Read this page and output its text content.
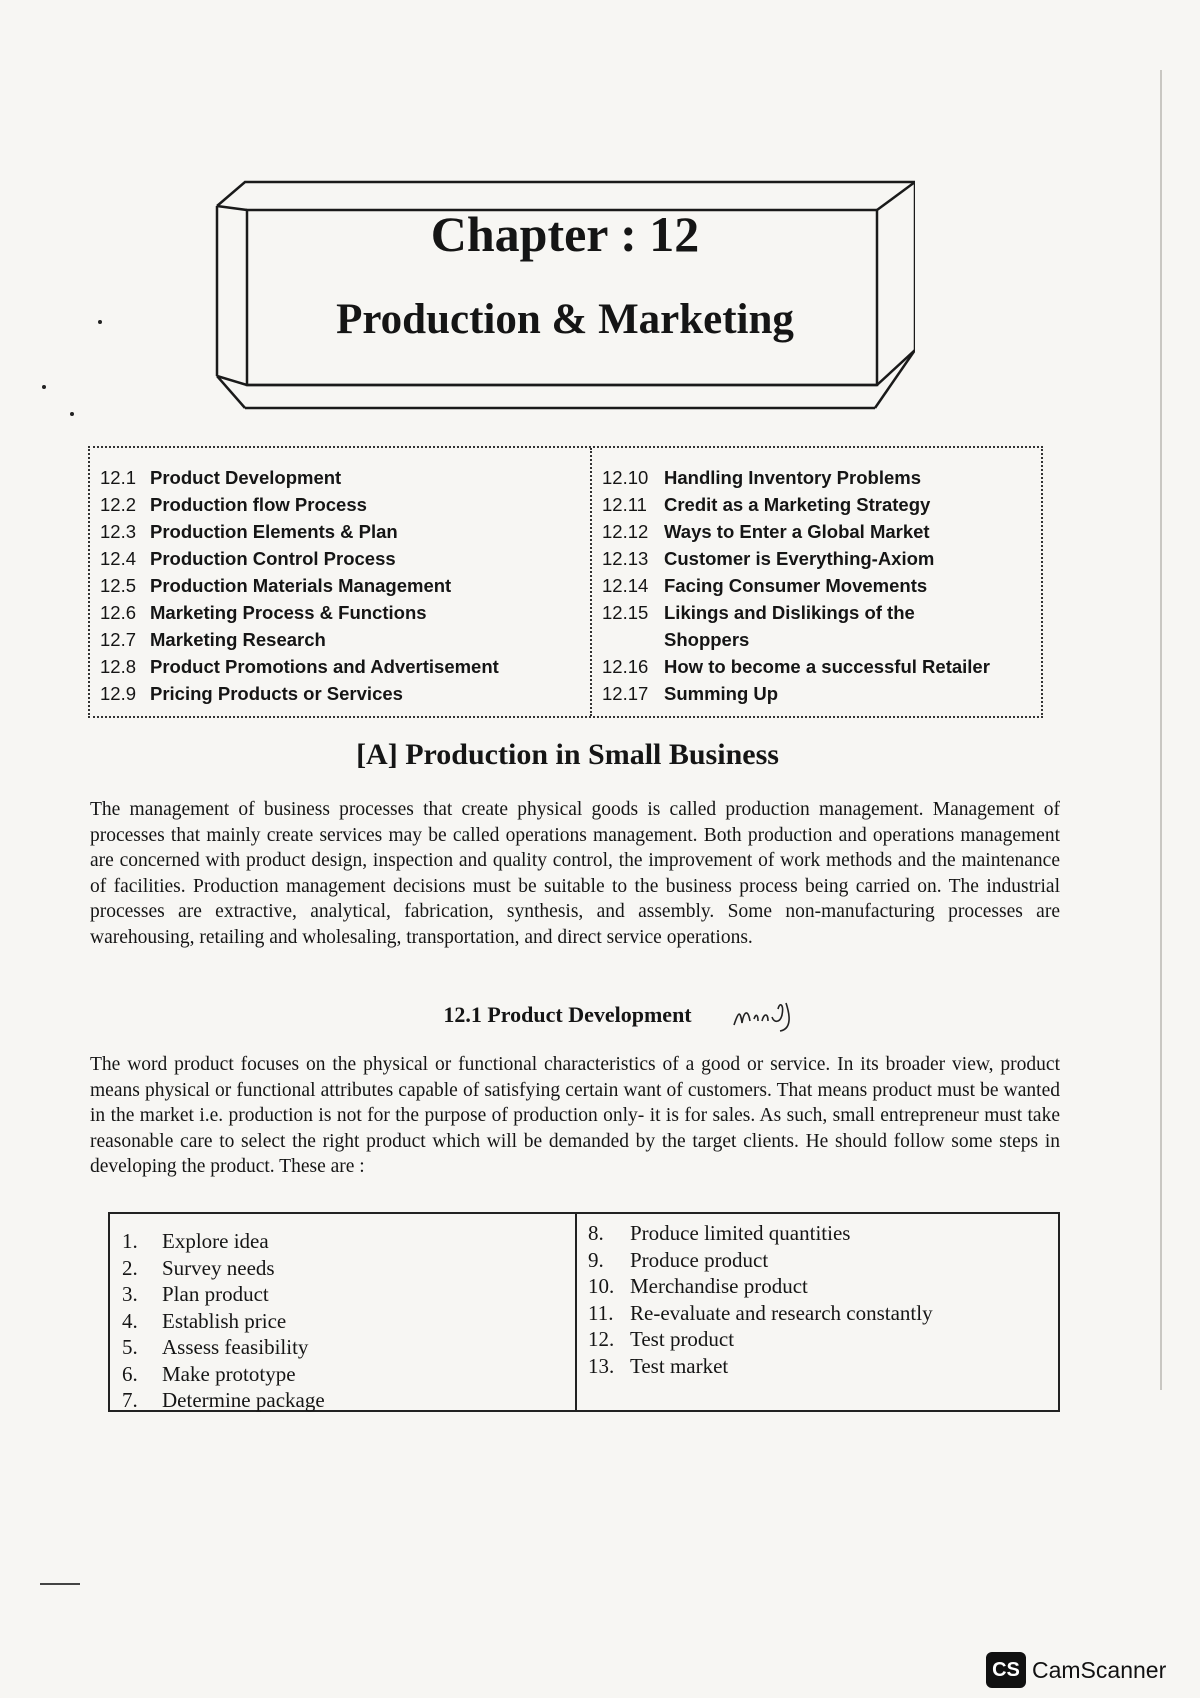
Chapter : 12
Production & Marketing
12.1 Product Development
12.2 Production flow Process
12.3 Production Elements & Plan
12.4 Production Control Process
12.5 Production Materials Management
12.6 Marketing Process & Functions
12.7 Marketing Research
12.8 Product Promotions and Advertisement
12.9 Pricing Products or Services
12.10 Handling Inventory Problems
12.11 Credit as a Marketing Strategy
12.12 Ways to Enter a Global Market
12.13 Customer is Everything-Axiom
12.14 Facing Consumer Movements
12.15 Likings and Dislikings of the
Shoppers
12.16 How to become a successful Retailer
12.17 Summing Up
[A] Production in Small Business
The management of business processes that create physical goods is called production management. Management of processes that mainly create services may be called operations management. Both production and operations management are concerned with product design, inspection and quality control, the improvement of work methods and the maintenance of facilities. Production management decisions must be suitable to the business process being carried on. The industrial processes are extractive, analytical, fabrication, synthesis, and assembly. Some non-manufacturing processes are warehousing, retailing and wholesaling, transportation, and direct service operations.
12.1 Product Development
The word product focuses on the physical or functional characteristics of a good or service. In its broader view, product means physical or functional attributes capable of satisfying certain want of customers. That means product must be wanted in the market i.e. production is not for the purpose of production only- it is for sales. As such, small entrepreneur must take reasonable care to select the right product which will be demanded by the target clients. He should follow some steps in developing the product. These are :
1.	Explore idea
2.	Survey needs
3.	Plan product
4.	Establish price
5.	Assess feasibility
6.	Make prototype
7.	Determine package
8.	Produce limited quantities
9.	Produce product
10. Merchandise product
11. Re-evaluate and research constantly
12. Test product
13. Test market
CS CamScanner
